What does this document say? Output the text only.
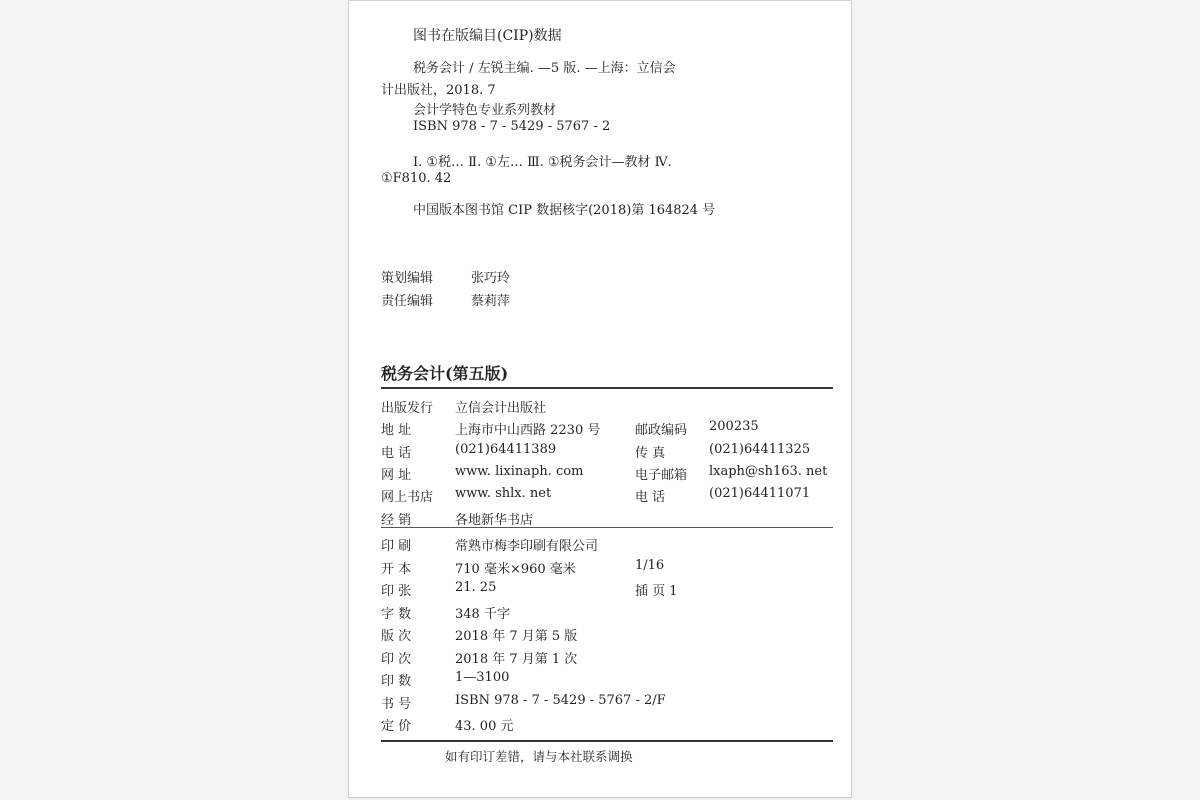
图书在版编目(CIP)数据
税务会计 / 左锐主编. —5 版. —上海：立信会
计出版社，2018. 7
会计学特色专业系列教材
ISBN 978 - 7 - 5429 - 5767 - 2
Ⅰ. ①税… Ⅱ. ①左… Ⅲ. ①税务会计—教材 Ⅳ.
①F810. 42
中国版本图书馆 CIP 数据核字(2018)第 164824 号
策划编辑	张巧玲
责任编辑	蔡莉萍
税务会计(第五版)
出版发行 立信会计出版社
地 址	上海市中山西路 2230 号	邮政编码 200235
电 话	(021)64411389	传 真	(021)64411325
网 址	www. lixinaph. com	电子邮箱 lxaph@sh163. net
网上书店 www. shlx. net	电 话	(021)64411071
经 销	各地新华书店
印 刷	常熟市梅李印刷有限公司
开 本	710 毫米×960 毫米	1/16
印 张	21. 25	插 页 1
字 数	348 千字
版 次	2018 年 7 月第 5 版
印 次	2018 年 7 月第 1 次
印 数	1—3100
书 号	ISBN 978 - 7 - 5429 - 5767 - 2/F
定 价	43. 00 元
如有印订差错，请与本社联系调换
